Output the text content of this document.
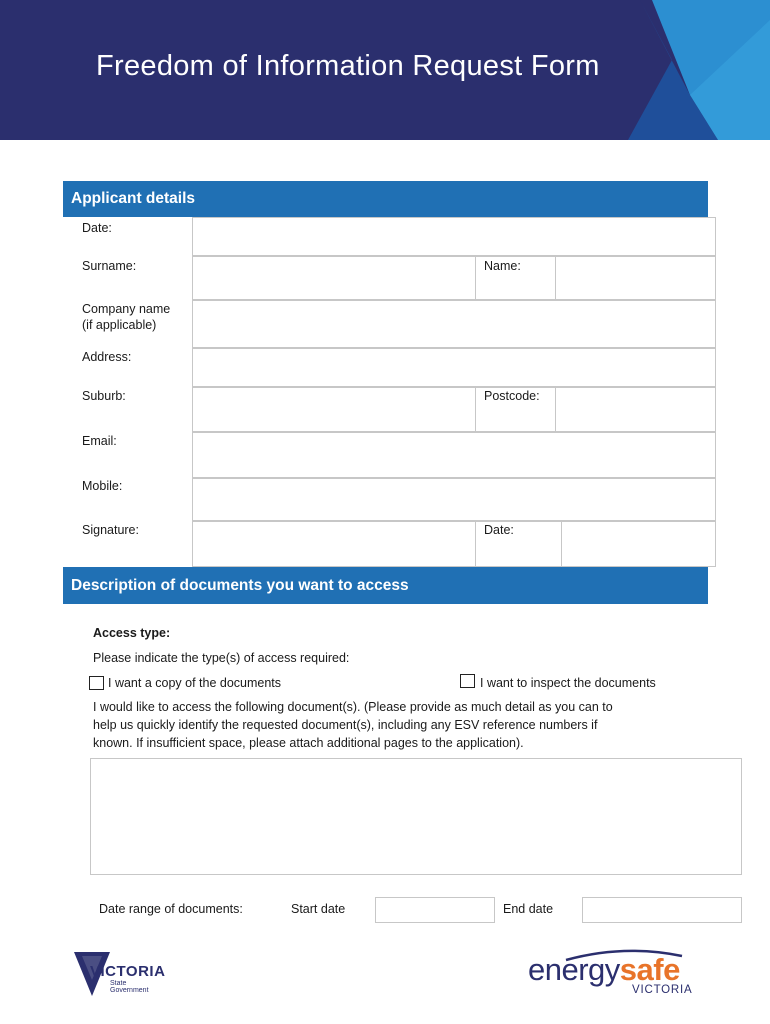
Freedom of Information Request Form
Applicant details
Date:
Surname:	Name:
Company name
(if applicable)
Address:
Suburb:	Postcode:
Email:
Mobile:
Signature:	Date:
Description of documents you want to access
Access type:
Please indicate the type(s) of access required:
I want a copy of the documents	I want to inspect the documents
I would like to access the following document(s). (Please provide as much detail as you can to
help us quickly identify the requested document(s), including any ESV reference numbers if
known. If insufficient space, please attach additional pages to the application).
Date range of documents:	Start date	End date
VICTORIA
State
Government
energysafe
VICTORIA
